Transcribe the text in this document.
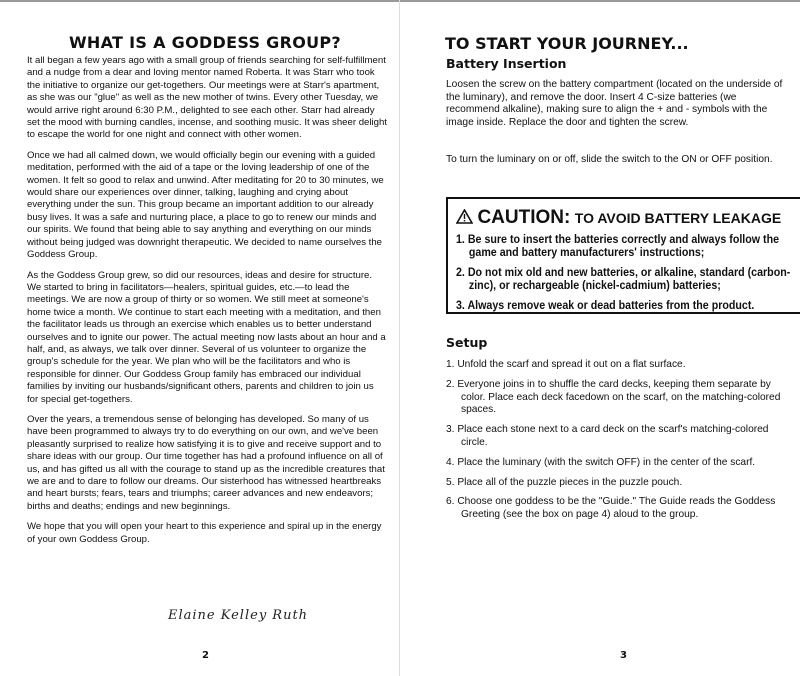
WHAT IS A GODDESS GROUP?

It all began a few years ago with a small group of friends searching for self-fulfillment and a nudge from a dear and loving mentor named Roberta. It was Starr who took the initiative to organize our get-togethers. Our meetings were at Starr's apartment, as she was our "glue" as well as the new mother of twins. Every other Tuesday, we would arrive right around 6:30 P.M., delighted to see each other. Starr had already set the mood with burning candles, incense, and soothing music. It was sheer delight to escape the world for one night and connect with other women.

Once we had all calmed down, we would officially begin our evening with a guided meditation, performed with the aid of a tape or the loving leadership of one of the women. It felt so good to relax and unwind. After meditating for 20 to 30 minutes, we would share our experiences over dinner, talking, laughing and crying about everything under the sun. This group became an important addition to our already busy lives. It was a safe and nurturing place, a place to go to renew our minds and our spirits. We found that being able to say anything and everything on our minds without being judged was downright therapeutic. We decided to name ourselves the Goddess Group.

As the Goddess Group grew, so did our resources, ideas and desire for structure. We started to bring in facilitators—healers, spiritual guides, etc.—to lead the meetings. We are now a group of thirty or so women. We still meet at someone's home twice a month. We continue to start each meeting with a meditation, and then the facilitator leads us through an exercise which enables us to better understand ourselves and to ignite our power. The actual meeting now lasts about an hour and a half, and, as always, we talk over dinner. Several of us volunteer to organize the group's schedule for the year. We plan who will be the facilitators and who is responsible for dinner. Our Goddess Group family has embraced our individual families by inviting our husbands/significant others, parents and children to join us for special get-togethers.

Over the years, a tremendous sense of belonging has developed. So many of us have been programmed to always try to do everything on our own, and we've been pleasantly surprised to realize how satisfying it is to give and receive support and to share ideas with our group. Our time together has had a profound influence on all of us, and has gifted us all with the courage to stand up as the incredible creatures that we are and to dare to follow our dreams. Our sisterhood has witnessed heartbreaks and heart bursts; fears, tears and triumphs; career advances and new endeavors; births and deaths; endings and new beginnings.

We hope that you will open your heart to this experience and spiral up in the energy of your own Goddess Group.

Elaine Kelley Ruth
2
TO START YOUR JOURNEY...
Battery Insertion
Loosen the screw on the battery compartment (located on the underside of the luminary), and remove the door. Insert 4 C-size batteries (we recommend alkaline), making sure to align the + and - symbols with the image inside. Replace the door and tighten the screw.
To turn the luminary on or off, slide the switch to the ON or OFF position.
CAUTION: TO AVOID BATTERY LEAKAGE
1. Be sure to insert the batteries correctly and always follow the game and battery manufacturers' instructions;
2. Do not mix old and new batteries, or alkaline, standard (carbon-zinc), or rechargeable (nickel-cadmium) batteries;
3. Always remove weak or dead batteries from the product.
Setup
1. Unfold the scarf and spread it out on a flat surface.
2. Everyone joins in to shuffle the card decks, keeping them separate by color. Place each deck facedown on the scarf, on the matching-colored spaces.
3. Place each stone next to a card deck on the scarf's matching-colored circle.
4. Place the luminary (with the switch OFF) in the center of the scarf.
5. Place all of the puzzle pieces in the puzzle pouch.
6. Choose one goddess to be the "Guide." The Guide reads the Goddess Greeting (see the box on page 4) aloud to the group.
3
